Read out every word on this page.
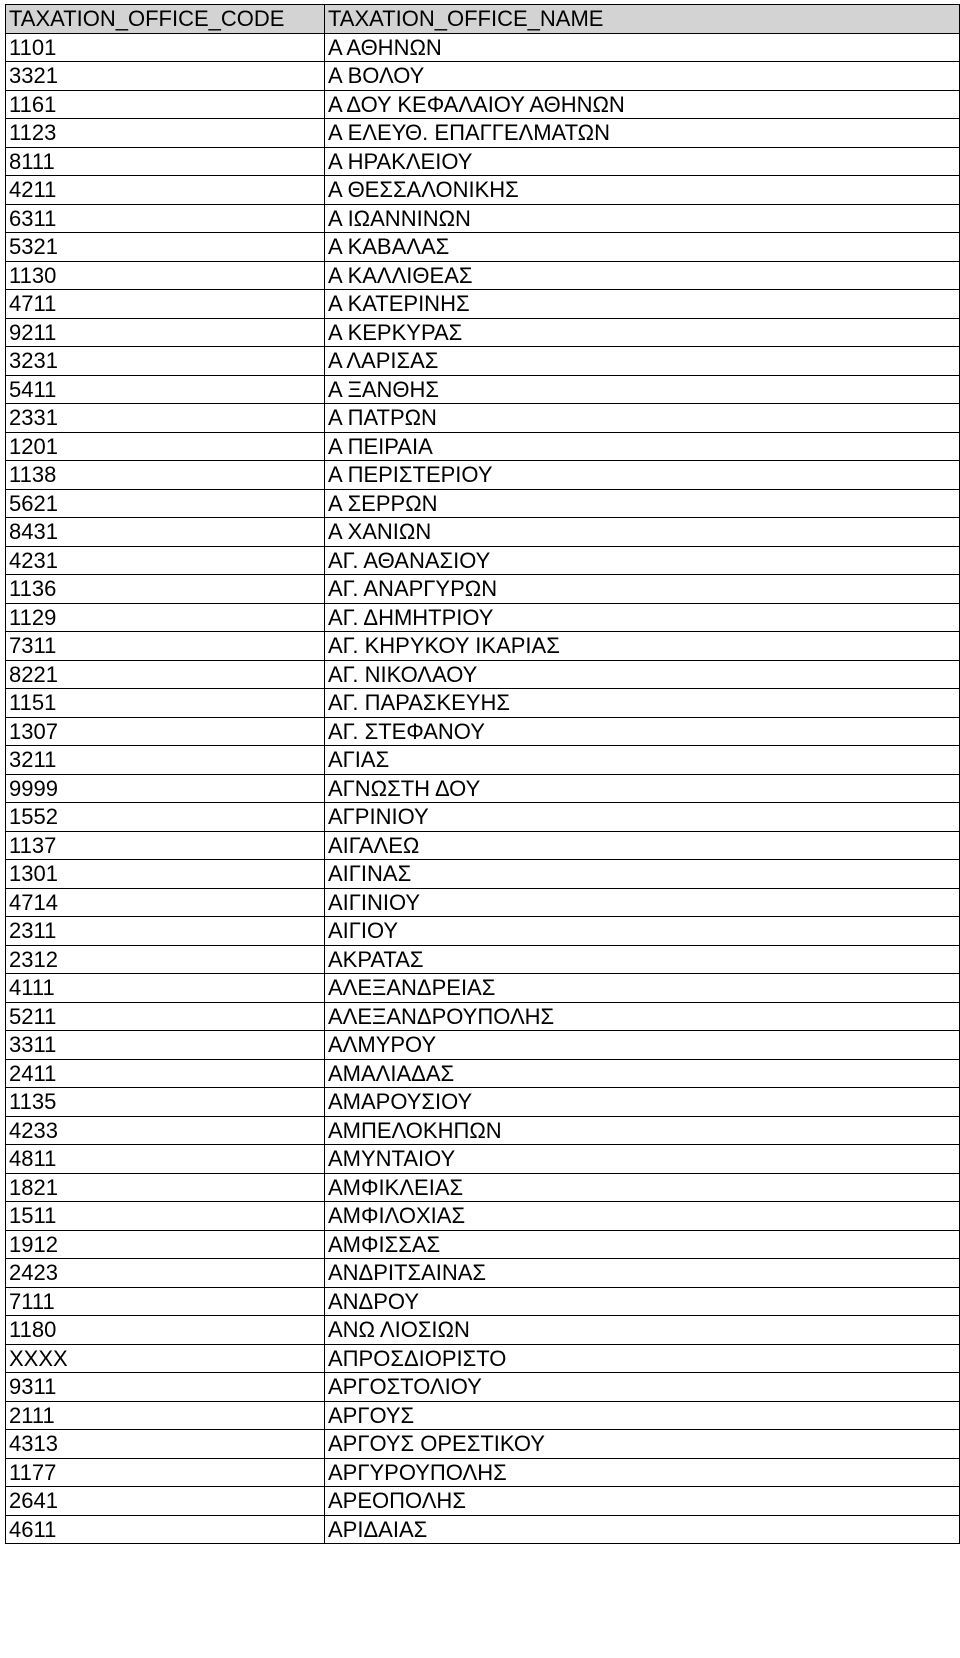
TAXATION_OFFICE_CODE	TAXATION_OFFICE_NAME
1101	Α ΑΘΗΝΩΝ
3321	Α ΒΟΛΟΥ
1161	Α ΔΟΥ ΚΕΦΑΛΑΙΟΥ ΑΘΗΝΩΝ
1123	Α ΕΛΕΥΘ. ΕΠΑΓΓΕΛΜΑΤΩΝ
8111	Α ΗΡΑΚΛΕΙΟΥ
4211	Α ΘΕΣΣΑΛΟΝΙΚΗΣ
6311	Α ΙΩΑΝΝΙΝΩΝ
5321	Α ΚΑΒΑΛΑΣ
1130	Α ΚΑΛΛΙΘΕΑΣ
4711	Α ΚΑΤΕΡΙΝΗΣ
9211	Α ΚΕΡΚΥΡΑΣ
3231	Α ΛΑΡΙΣΑΣ
5411	Α ΞΑΝΘΗΣ
2331	Α ΠΑΤΡΩΝ
1201	Α ΠΕΙΡΑΙΑ
1138	Α ΠΕΡΙΣΤΕΡΙΟΥ
5621	Α ΣΕΡΡΩΝ
8431	Α ΧΑΝΙΩΝ
4231	ΑΓ. ΑΘΑΝΑΣΙΟΥ
1136	ΑΓ. ΑΝΑΡΓΥΡΩΝ
1129	ΑΓ. ΔΗΜΗΤΡΙΟΥ
7311	ΑΓ. ΚΗΡΥΚΟΥ ΙΚΑΡΙΑΣ
8221	ΑΓ. ΝΙΚΟΛΑΟΥ
1151	ΑΓ. ΠΑΡΑΣΚΕΥΗΣ
1307	ΑΓ. ΣΤΕΦΑΝΟΥ
3211	ΑΓΙΑΣ
9999	ΑΓΝΩΣΤΗ ΔΟΥ
1552	ΑΓΡΙΝΙΟΥ
1137	ΑΙΓΑΛΕΩ
1301	ΑΙΓΙΝΑΣ
4714	ΑΙΓΙΝΙΟΥ
2311	ΑΙΓΙΟΥ
2312	ΑΚΡΑΤΑΣ
4111	ΑΛΕΞΑΝΔΡΕΙΑΣ
5211	ΑΛΕΞΑΝΔΡΟΥΠΟΛΗΣ
3311	ΑΛΜΥΡΟΥ
2411	ΑΜΑΛΙΑΔΑΣ
1135	ΑΜΑΡΟΥΣΙΟΥ
4233	ΑΜΠΕΛΟΚΗΠΩΝ
4811	ΑΜΥΝΤΑΙΟΥ
1821	ΑΜΦΙΚΛΕΙΑΣ
1511	ΑΜΦΙΛΟΧΙΑΣ
1912	ΑΜΦΙΣΣΑΣ
2423	ΑΝΔΡΙΤΣΑΙΝΑΣ
7111	ΑΝΔΡΟΥ
1180	ΑΝΩ ΛΙΟΣΙΩΝ
XXXX	ΑΠΡΟΣΔΙΟΡΙΣΤΟ
9311	ΑΡΓΟΣΤΟΛΙΟΥ
2111	ΑΡΓΟΥΣ
4313	ΑΡΓΟΥΣ ΟΡΕΣΤΙΚΟΥ
1177	ΑΡΓΥΡΟΥΠΟΛΗΣ
2641	ΑΡΕΟΠΟΛΗΣ
4611	ΑΡΙΔΑΙΑΣ
